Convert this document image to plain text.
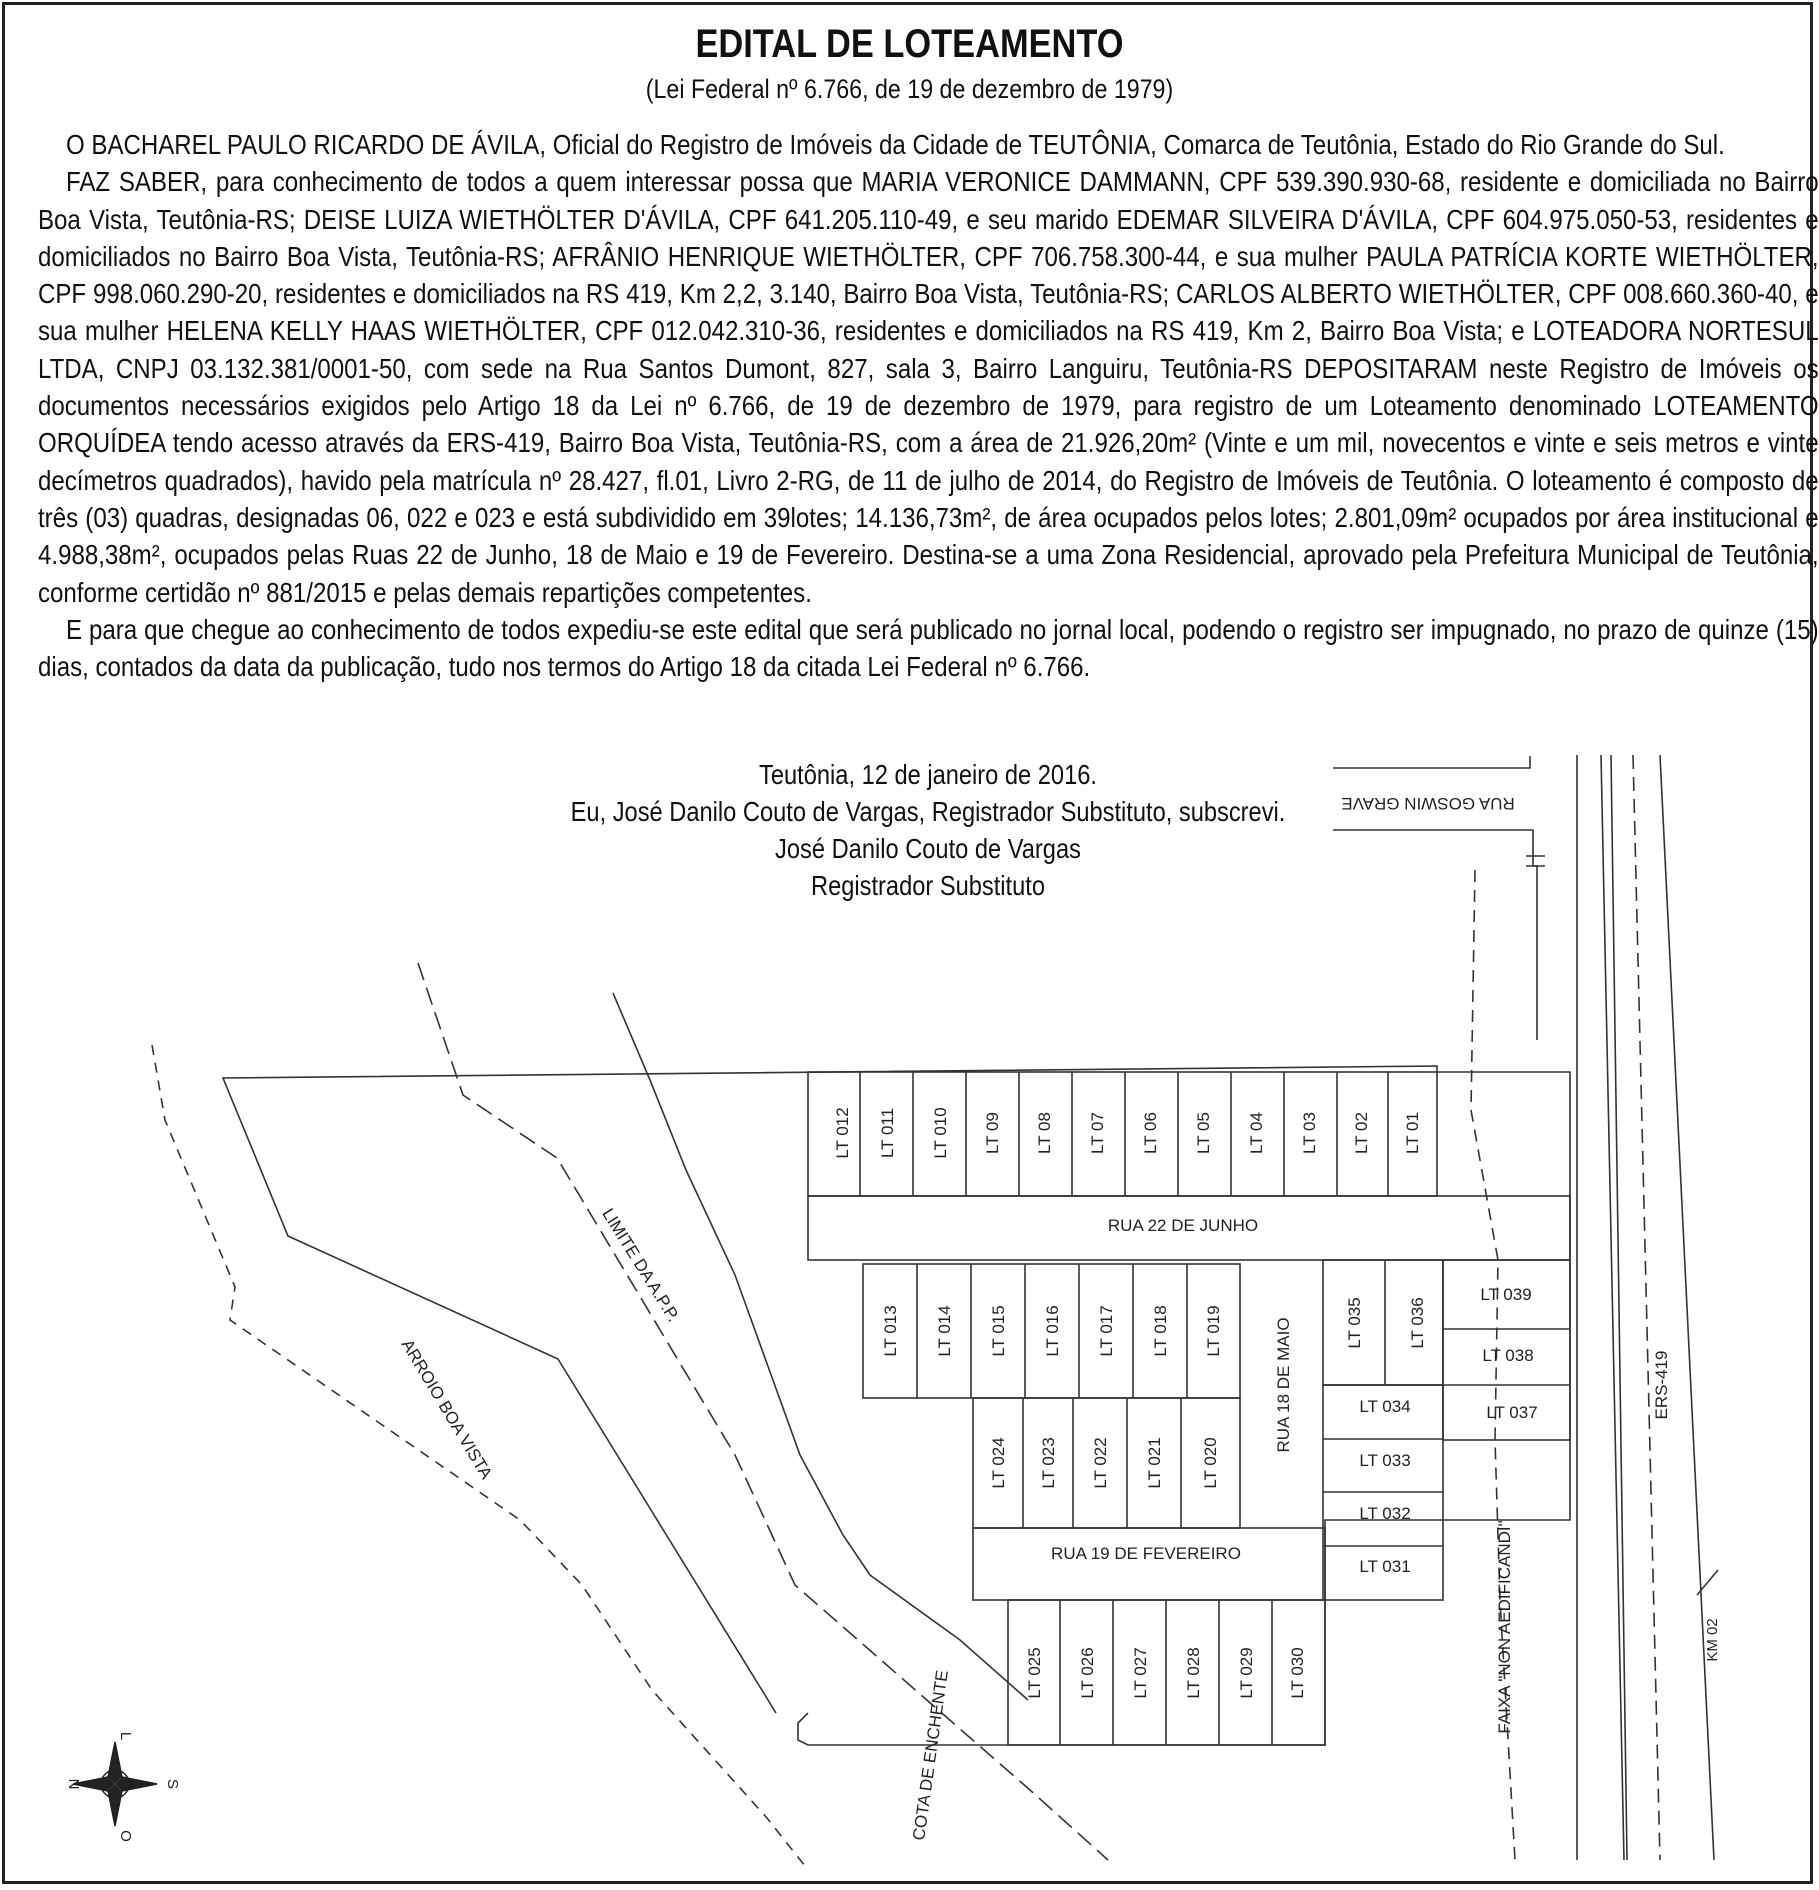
EDITAL DE LOTEAMENTO
(Lei Federal nº 6.766, de 19 de dezembro de 1979)

O BACHAREL PAULO RICARDO DE ÁVILA, Oficial do Registro de Imóveis da Cidade de TEUTÔNIA, Comarca de Teutônia, Estado do Rio Grande do Sul.

FAZ SABER, para conhecimento de todos a quem interessar possa que MARIA VERONICE DAMMANN, CPF 539.390.930-68, residente e domiciliada no Bairro Boa Vista, Teutônia-RS; DEISE LUIZA WIETHÖLTER D'ÁVILA, CPF 641.205.110-49, e seu marido EDEMAR SILVEIRA D'ÁVILA, CPF 604.975.050-53, residentes e domiciliados no Bairro Boa Vista, Teutônia-RS; AFRÂNIO HENRIQUE WIETHÖLTER, CPF 706.758.300-44, e sua mulher PAULA PATRÍCIA KORTE WIETHÖLTER, CPF 998.060.290-20, residentes e domiciliados na RS 419, Km 2,2, 3.140, Bairro Boa Vista, Teutônia-RS; CARLOS ALBERTO WIETHÖLTER, CPF 008.660.360-40, e sua mulher HELENA KELLY HAAS WIETHÖLTER, CPF 012.042.310-36, residentes e domiciliados na RS 419, Km 2, Bairro Boa Vista; e LOTEADORA NORTESUL LTDA, CNPJ 03.132.381/0001-50, com sede na Rua Santos Dumont, 827, sala 3, Bairro Languiru, Teutônia-RS DEPOSITARAM neste Registro de Imóveis os documentos necessários exigidos pelo Artigo 18 da Lei nº 6.766, de 19 de dezembro de 1979, para registro de um Loteamento denominado LOTEAMENTO ORQUÍDEA tendo acesso através da ERS-419, Bairro Boa Vista, Teutônia-RS, com a área de 21.926,20m² (Vinte e um mil, novecentos e vinte e seis metros e vinte decímetros quadrados), havido pela matrícula nº 28.427, fl.01, Livro 2-RG, de 11 de julho de 2014, do Registro de Imóveis de Teutônia. O loteamento é composto de três (03) quadras, designadas 06, 022 e 023 e está subdividido em 39lotes; 14.136,73m², de área ocupados pelos lotes; 2.801,09m² ocupados por área institucional e 4.988,38m², ocupados pelas Ruas 22 de Junho, 18 de Maio e 19 de Fevereiro. Destina-se a uma Zona Residencial, aprovado pela Prefeitura Municipal de Teutônia, conforme certidão nº 881/2015 e pelas demais repartições competentes.

E para que chegue ao conhecimento de todos expediu-se este edital que será publicado no jornal local, podendo o registro ser impugnado, no prazo de quinze (15) dias, contados da data da publicação, tudo nos termos do Artigo 18 da citada Lei Federal nº 6.766.

Teutônia, 12 de janeiro de 2016.
Eu, José Danilo Couto de Vargas, Registrador Substituto, subscrevi.
José Danilo Couto de Vargas
Registrador Substituto
LT 012 LT 011 LT 010 LT 09 LT 08 LT 07 LT 06 LT 05 LT 04 LT 03 LT 02 LT 01
LT 013 LT 014 LT 015 LT 016 LT 017 LT 018 LT 019
LT 024 LT 023 LT 022 LT 021 LT 020
LT 025 LT 026 LT 027 LT 028 LT 029 LT 030
LT 035	LT 036
LT 034
LT 033
LT 032
LT 031
LT 039
LT 038
LT 037
RUA 22 DE JUNHO
RUA 18 DE MAIO
RUA 19 DE FEVEREIRO
RUA GOSWIN GRAVE
ERS-419
KM 02
ARROIO BOA VISTA
LIMITE DA A.P.P.
COTA DE ENCHENTE
FAIXA "NON AEDIFICANDI"
N	S
L
O
